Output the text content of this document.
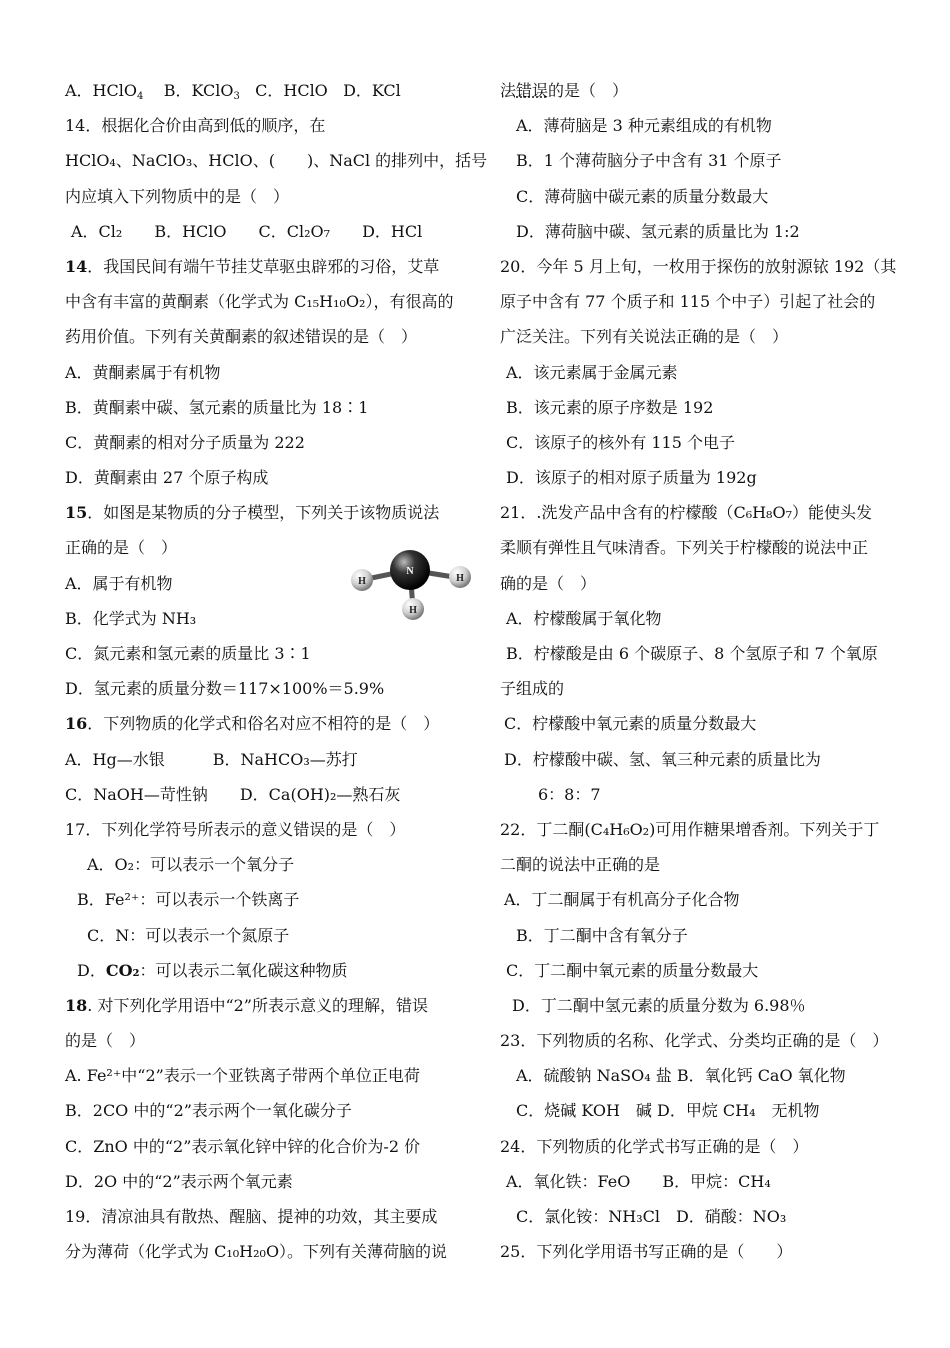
A．HClO$_4$ B．KClO$_3$ C．HClO D．KCl
14．根据化合价由高到低的顺序，在
HClO₄、NaClO₃、HClO、(　　)、NaCl 的排列中，括号
内应填入下列物质中的是（　）
A．Cl₂　　B．HClO　　C．Cl₂O₇　　D．HCl
14．我国民间有端午节挂艾草驱虫辟邪的习俗，艾草
中含有丰富的黄酮素（化学式为 C₁₅H₁₀O₂），有很高的
药用价值。下列有关黄酮素的叙述错误的是（　）
A．黄酮素属于有机物
B．黄酮素中碳、氢元素的质量比为 18∶1
C．黄酮素的相对分子质量为 222
D．黄酮素由 27 个原子构成
15．如图是某物质的分子模型，下列关于该物质说法
正确的是（　）
A．属于有机物
B．化学式为 NH₃
C．氮元素和氢元素的质量比 3∶1
D．氢元素的质量分数＝117×100%＝5.9%
16．下列物质的化学式和俗名对应不相符的是（　）
A．Hg—水银　　　B．NaHCO₃—苏打
C．NaOH—苛性钠　　D．Ca(OH)₂—熟石灰
17．下列化学符号所表示的意义错误的是（　）
A．O₂：可以表示一个氧分子
B．Fe²⁺：可以表示一个铁离子
C．N：可以表示一个氮原子
D．CO₂：可以表示二氧化碳这种物质
18. 对下列化学用语中“2”所表示意义的理解，错误
的是（　）
A. Fe²⁺中“2”表示一个亚铁离子带两个单位正电荷
B．2CO 中的“2”表示两个一氧化碳分子
C．ZnO 中的“2”表示氧化锌中锌的化合价为-2 价
D．2O 中的“2”表示两个氧元素
19．清凉油具有散热、醒脑、提神的功效，其主要成
分为薄荷（化学式为 C₁₀H₂₀O）。下列有关薄荷脑的说
N
H	H
H
法错误的是（　）
A．薄荷脑是 3 种元素组成的有机物
B．1 个薄荷脑分子中含有 31 个原子
C．薄荷脑中碳元素的质量分数最大
D．薄荷脑中碳、氢元素的质量比为 1:2
20．今年 5 月上旬，一枚用于探伤的放射源铱 192（其
原子中含有 77 个质子和 115 个中子）引起了社会的
广泛关注。下列有关说法正确的是（　）
A．该元素属于金属元素
B．该元素的原子序数是 192
C．该原子的核外有 115 个电子
D．该原子的相对原子质量为 192g
21．.洗发产品中含有的柠檬酸（C₆H₈O₇）能使头发
柔顺有弹性且气味清香。下列关于柠檬酸的说法中正
确的是（　）
A．柠檬酸属于氧化物
B．柠檬酸是由 6 个碳原子、8 个氢原子和 7 个氧原
子组成的
C．柠檬酸中氧元素的质量分数最大
D．柠檬酸中碳、氢、氧三种元素的质量比为
6：8：7
22．丁二酮(C₄H₆O₂)可用作糖果增香剂。下列关于丁
二酮的说法中正确的是
A．丁二酮属于有机高分子化合物
B．丁二酮中含有氧分子
C．丁二酮中氧元素的质量分数最大
D．丁二酮中氢元素的质量分数为 6.98％
23．下列物质的名称、化学式、分类均正确的是（　）
A．硫酸钠 NaSO₄ 盐 B．氧化钙 CaO 氧化物
C．烧碱 KOH　碱 D．甲烷 CH₄　无机物
24．下列物质的化学式书写正确的是（　）
A．氧化铁：FeO　　B．甲烷：CH₄
C．氯化铵：NH₃Cl　D．硝酸：NO₃
25．下列化学用语书写正确的是（　　）
